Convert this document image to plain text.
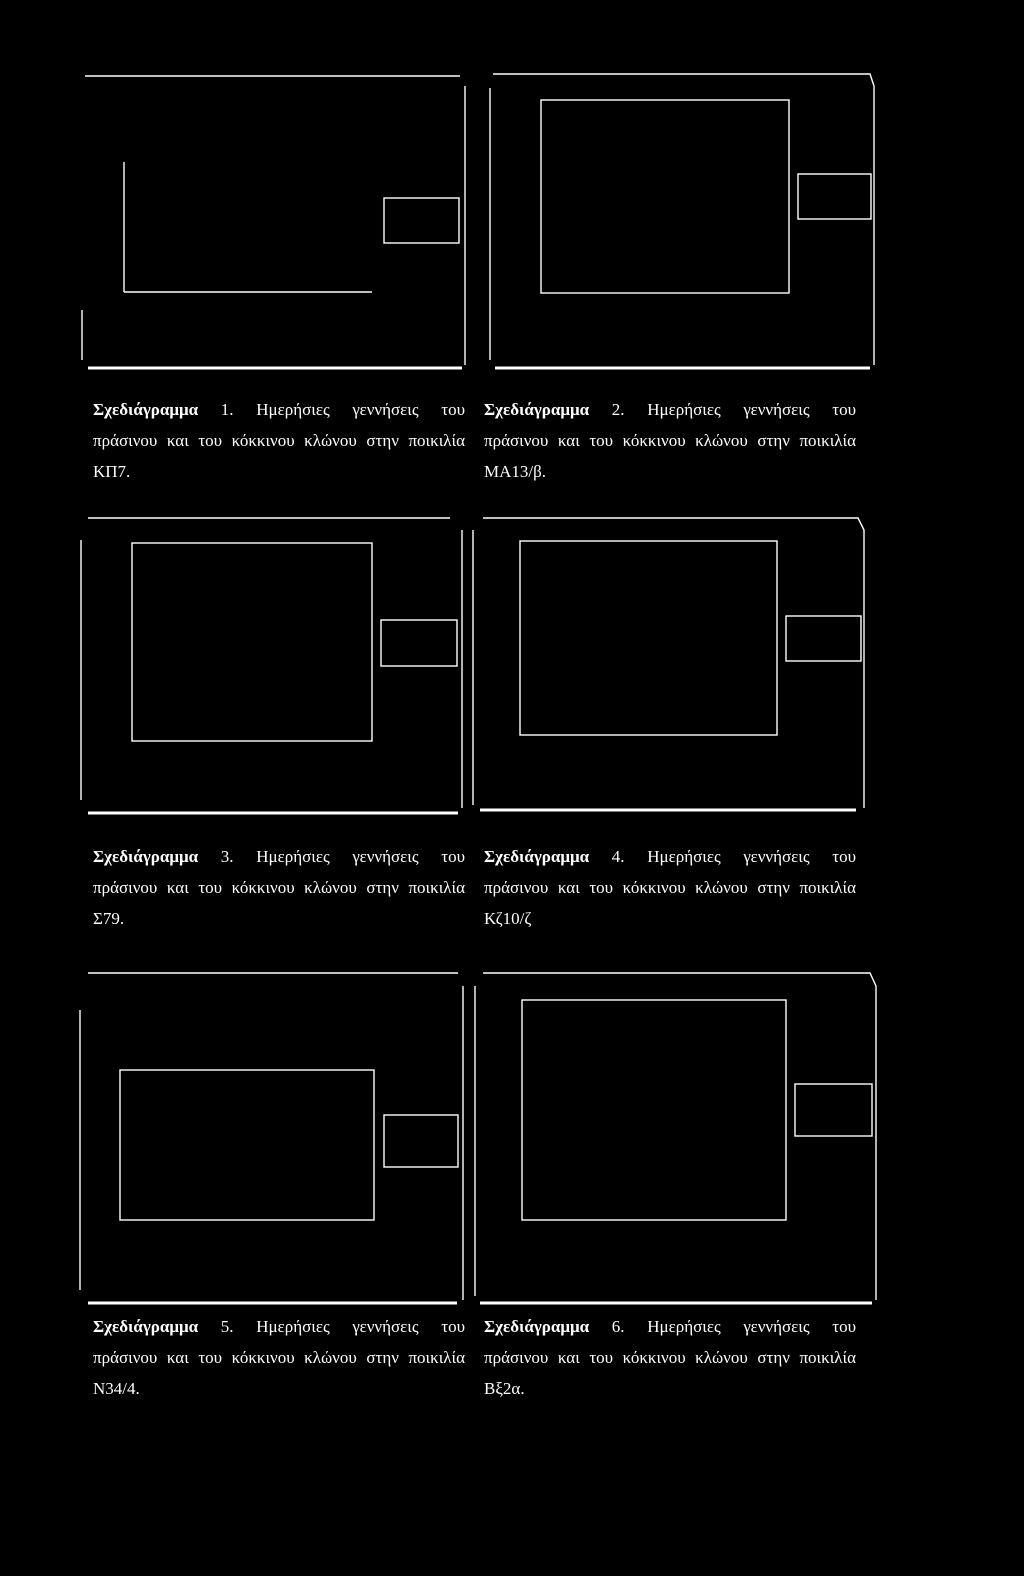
Σχεδιάγραμμα 1. Ημερήσιες γεννήσεις του

πράσινου και του κόκκινου κλώνου στην ποικιλία

ΚΠ7.

Σχεδιάγραμμα 2. Ημερήσιες γεννήσεις του

πράσινου και του κόκκινου κλώνου στην ποικιλία

MA13/β.

Σχεδιάγραμμα 3. Ημερήσιες γεννήσεις του

πράσινου και του κόκκινου κλώνου στην ποικιλία

Σ79.

Σχεδιάγραμμα 4. Ημερήσιες γεννήσεις του

πράσινου και του κόκκινου κλώνου στην ποικιλία

Κζ10/ζ

Σχεδιάγραμμα 5. Ημερήσιες γεννήσεις του

πράσινου και του κόκκινου κλώνου στην ποικιλία

N34/4.

Σχεδιάγραμμα 6. Ημερήσιες γεννήσεις του

πράσινου και του κόκκινου κλώνου στην ποικιλία

Βξ2α.
